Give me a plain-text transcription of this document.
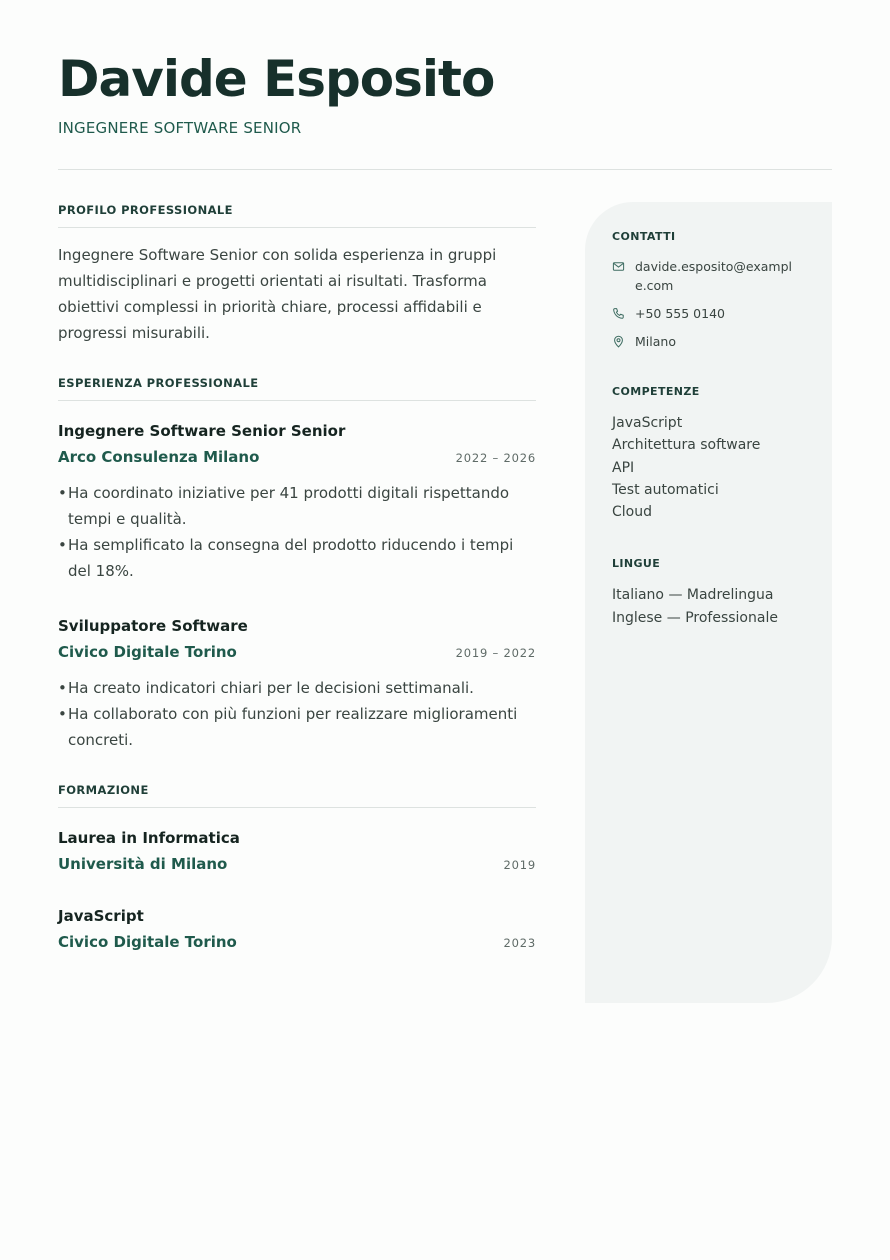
Davide Esposito
INGEGNERE SOFTWARE SENIOR
PROFILO PROFESSIONALE
Ingegnere Software Senior con solida esperienza in gruppi multidisciplinari e progetti orientati ai risultati. Trasforma obiettivi complessi in priorità chiare, processi affidabili e progressi misurabili.
ESPERIENZA PROFESSIONALE
Ingegnere Software Senior Senior
Arco Consulenza Milano	2022 – 2026
• Ha coordinato iniziative per 41 prodotti digitali rispettando tempi e qualità.
• Ha semplificato la consegna del prodotto riducendo i tempi del 18%.
Sviluppatore Software
Civico Digitale Torino	2019 – 2022
• Ha creato indicatori chiari per le decisioni settimanali.
• Ha collaborato con più funzioni per realizzare miglioramenti concreti.
FORMAZIONE
Laurea in Informatica
Università di Milano	2019
JavaScript
Civico Digitale Torino	2023
CONTATTI
davide.esposito@example.com
+50 555 0140
Milano
COMPETENZE
JavaScript
Architettura software
API
Test automatici
Cloud
LINGUE
Italiano — Madrelingua
Inglese — Professionale
